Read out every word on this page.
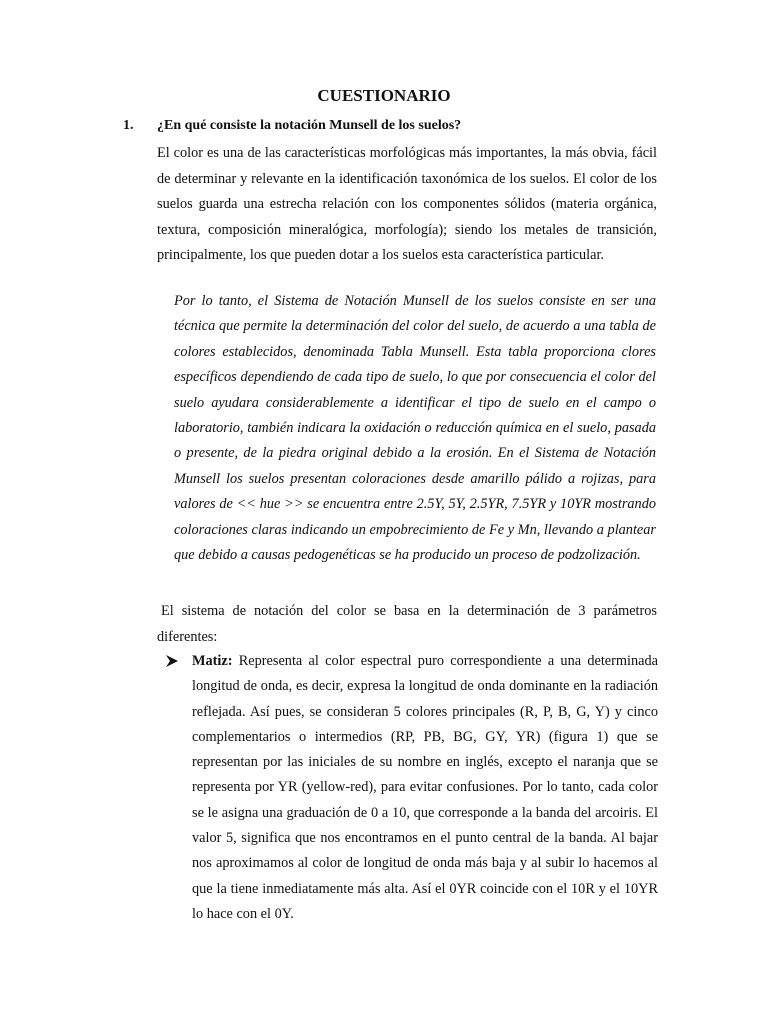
CUESTIONARIO
1. ¿En qué consiste la notación Munsell de los suelos?

El color es una de las características morfológicas más importantes, la más obvia, fácil de determinar y relevante en la identificación taxonómica de los suelos. El color de los suelos guarda una estrecha relación con los componentes sólidos (materia orgánica, textura, composición mineralógica, morfología); siendo los metales de transición, principalmente, los que pueden dotar a los suelos esta característica particular.

Por lo tanto, el Sistema de Notación Munsell de los suelos consiste en ser una técnica que permite la determinación del color del suelo, de acuerdo a una tabla de colores establecidos, denominada Tabla Munsell. Esta tabla proporciona clores específicos dependiendo de cada tipo de suelo, lo que por consecuencia el color del suelo ayudara considerablemente a identificar el tipo de suelo en el campo o laboratorio, también indicara la oxidación o reducción química en el suelo, pasada o presente, de la piedra original debido a la erosión. En el Sistema de Notación Munsell los suelos presentan coloraciones desde amarillo pálido a rojizas, para valores de << hue >> se encuentra entre 2.5Y, 5Y, 2.5YR, 7.5YR y 10YR mostrando coloraciones claras indicando un empobrecimiento de Fe y Mn, llevando a plantear que debido a causas pedogenéticas se ha producido un proceso de podzolización.

El sistema de notación del color se basa en la determinación de 3 parámetros diferentes:

Matiz: Representa al color espectral puro correspondiente a una determinada longitud de onda, es decir, expresa la longitud de onda dominante en la radiación reflejada. Así pues, se consideran 5 colores principales (R, P, B, G, Y) y cinco complementarios o intermedios (RP, PB, BG, GY, YR) (figura 1) que se representan por las iniciales de su nombre en inglés, excepto el naranja que se representa por YR (yellow-red), para evitar confusiones. Por lo tanto, cada color se le asigna una graduación de 0 a 10, que corresponde a la banda del arcoiris. El valor 5, significa que nos encontramos en el punto central de la banda. Al bajar nos aproximamos al color de longitud de onda más baja y al subir lo hacemos al que la tiene inmediatamente más alta. Así el 0YR coincide con el 10R y el 10YR lo hace con el 0Y.
